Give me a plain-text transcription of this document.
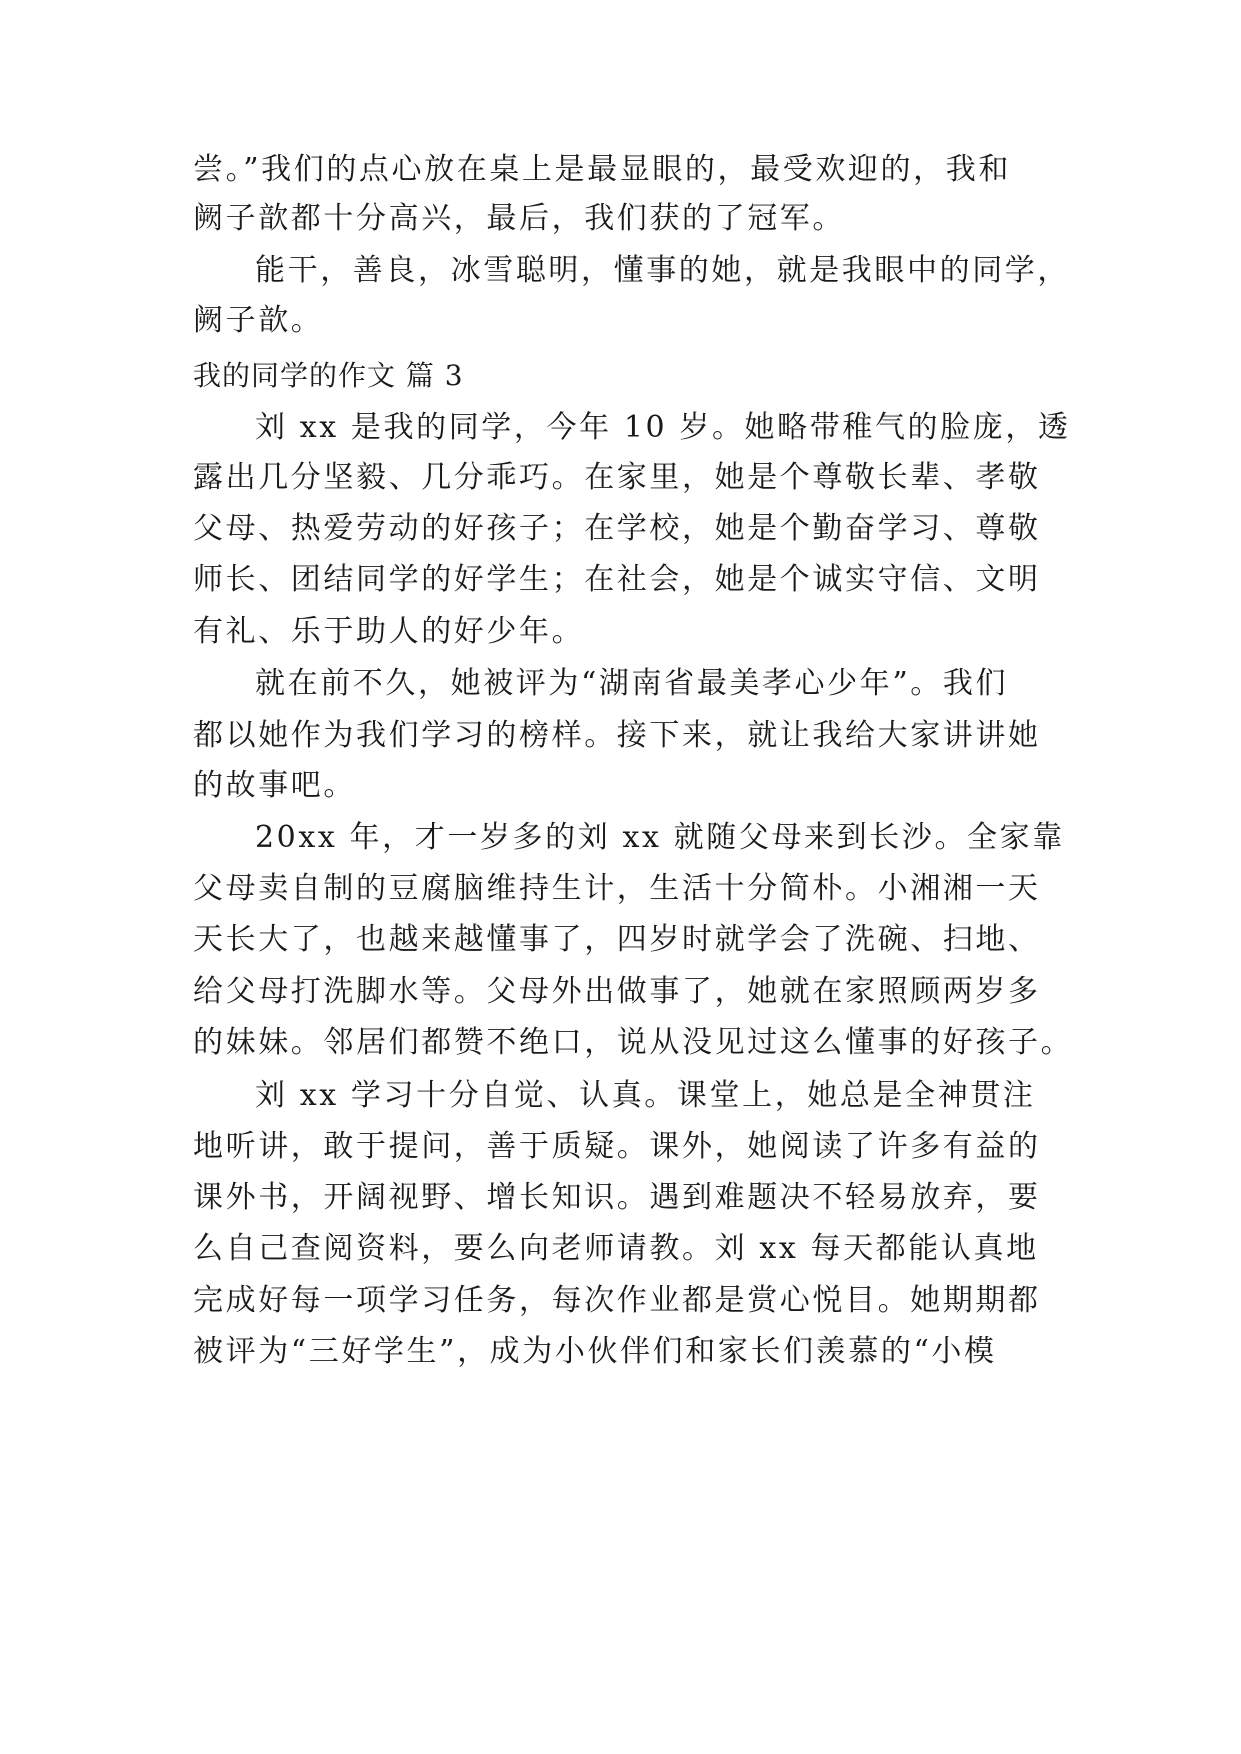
尝。”我们的点心放在桌上是最显眼的，最受欢迎的，我和
阙子歆都十分高兴，最后，我们获的了冠军。
能干，善良，冰雪聪明，懂事的她，就是我眼中的同学，
阙子歆。
我的同学的作文 篇 3
刘 xx 是我的同学，今年 10 岁。她略带稚气的脸庞，透
露出几分坚毅、几分乖巧。在家里，她是个尊敬长辈、孝敬
父母、热爱劳动的好孩子；在学校，她是个勤奋学习、尊敬
师长、团结同学的好学生；在社会，她是个诚实守信、文明
有礼、乐于助人的好少年。
就在前不久，她被评为“湖南省最美孝心少年”。我们
都以她作为我们学习的榜样。接下来，就让我给大家讲讲她
的故事吧。
20xx 年，才一岁多的刘 xx 就随父母来到长沙。全家靠
父母卖自制的豆腐脑维持生计，生活十分简朴。小湘湘一天
天长大了，也越来越懂事了，四岁时就学会了洗碗、扫地、
给父母打洗脚水等。父母外出做事了，她就在家照顾两岁多
的妹妹。邻居们都赞不绝口，说从没见过这么懂事的好孩子。
刘 xx 学习十分自觉、认真。课堂上，她总是全神贯注
地听讲，敢于提问，善于质疑。课外，她阅读了许多有益的
课外书，开阔视野、增长知识。遇到难题决不轻易放弃，要
么自己查阅资料，要么向老师请教。刘 xx 每天都能认真地
完成好每一项学习任务，每次作业都是赏心悦目。她期期都
被评为“三好学生”，成为小伙伴们和家长们羡慕的“小模
